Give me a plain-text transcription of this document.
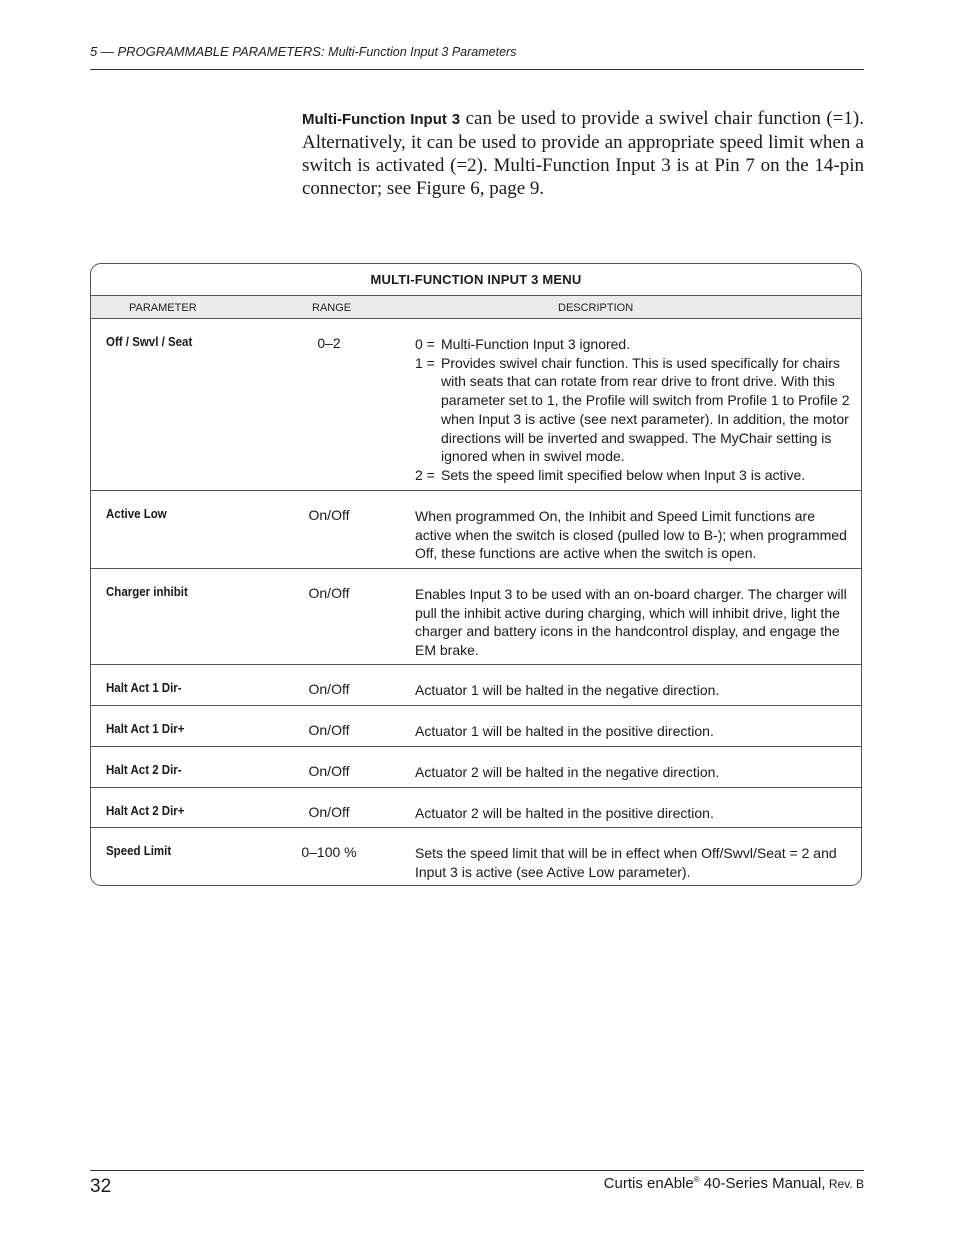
5 — PROGRAMMABLE PARAMETERS: Multi-Function Input 3 Parameters
Multi-Function Input 3 can be used to provide a swivel chair function (=1). Alternatively, it can be used to provide an appropriate speed limit when a switch is activated (=2). Multi-Function Input 3 is at Pin 7 on the 14-pin connector; see Figure 6, page 9.
MULTI-FUNCTION INPUT 3 MENU
PARAMETER	RANGE	DESCRIPTION
Off / Swvl / Seat	0–2	0 = Multi-Function Input 3 ignored.
1 = Provides swivel chair function. This is used specifically for chairs with seats that can rotate from rear drive to front drive. With this parameter set to 1, the Profile will switch from Profile 1 to Profile 2 when Input 3 is active (see next parameter). In addition, the motor directions will be inverted and swapped. The MyChair setting is ignored when in swivel mode.
2 = Sets the speed limit specified below when Input 3 is active.
Active Low	On/Off	When programmed On, the Inhibit and Speed Limit functions are active when the switch is closed (pulled low to B-); when programmed Off, these functions are active when the switch is open.
Charger inhibit	On/Off	Enables Input 3 to be used with an on-board charger. The charger will pull the inhibit active during charging, which will inhibit drive, light the charger and battery icons in the handcontrol display, and engage the EM brake.
Halt Act 1 Dir-	On/Off	Actuator 1 will be halted in the negative direction.
Halt Act 1 Dir+	On/Off	Actuator 1 will be halted in the positive direction.
Halt Act 2 Dir-	On/Off	Actuator 2 will be halted in the negative direction.
Halt Act 2 Dir+	On/Off	Actuator 2 will be halted in the positive direction.
Speed Limit	0–100 %	Sets the speed limit that will be in effect when Off/Swvl/Seat = 2 and Input 3 is active (see Active Low parameter).
32	Curtis enAble® 40-Series Manual, Rev. B
